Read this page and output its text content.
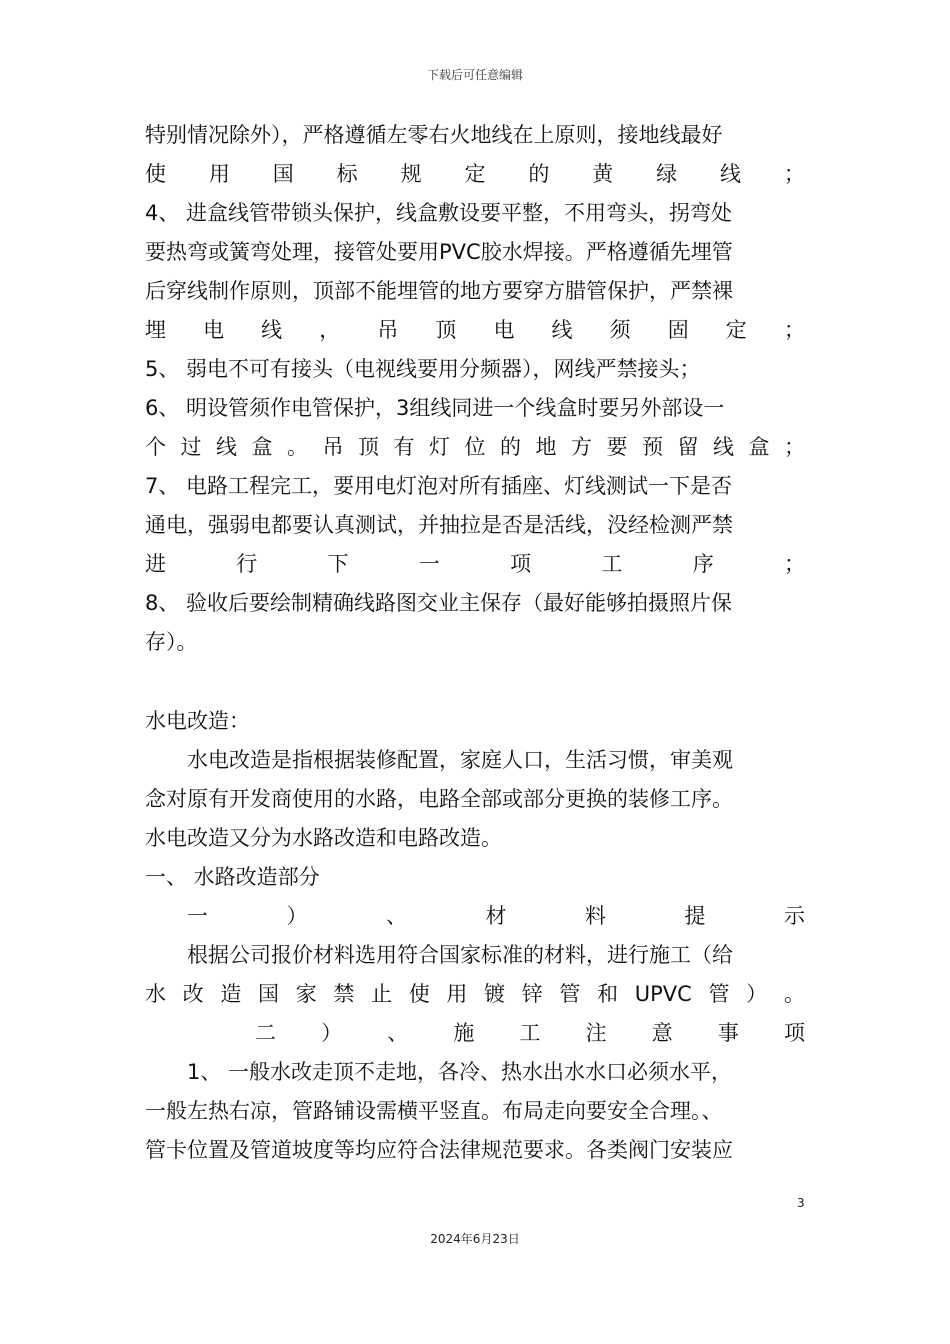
下载后可任意编辑
特别情况除外），严格遵循左零右火地线在上原则，接地线最好
使 用 国 标 规 定 的 黄 绿 线 ；
4、 进盒线管带锁头保护，线盒敷设要平整，不用弯头，拐弯处
要热弯或簧弯处理，接管处要用PVC胶水焊接。严格遵循先埋管
后穿线制作原则，顶部不能埋管的地方要穿方腊管保护，严禁裸
埋 电 线 ， 吊 顶 电 线 须 固 定 ；
5、 弱电不可有接头（电视线要用分频器），网线严禁接头；
6、 明设管须作电管保护，3组线同进一个线盒时要另外部设一
个 过 线 盒 。 吊 顶 有 灯 位 的 地 方 要 预 留 线 盒 ；
7、 电路工程完工，要用电灯泡对所有插座、灯线测试一下是否
通电，强弱电都要认真测试，并抽拉是否是活线，没经检测严禁
进	行	下	一	项	工	序	；
8、 验收后要绘制精确线路图交业主保存（最好能够拍摄照片保
存）。
水电改造：
水电改造是指根据装修配置，家庭人口，生活习惯，审美观
念对原有开发商使用的水路，电路全部或部分更换的装修工序。
水电改造又分为水路改造和电路改造。
一、 水路改造部分
一	）	、	材	料	提	示
根据公司报价材料选用符合国家标准的材料，进行施工（给
水 改 造 国 家 禁 止 使 用 镀 锌 管 和 UPVC 管 ） 。
二 ） 、 施 工 注 意 事 项
1、 一般水改走顶不走地，各冷、热水出水水口必须水平，
一般左热右凉，管路铺设需横平竖直。布局走向要安全合理。、
管卡位置及管道坡度等均应符合法律规范要求。各类阀门安装应
3
2024年6月23日
